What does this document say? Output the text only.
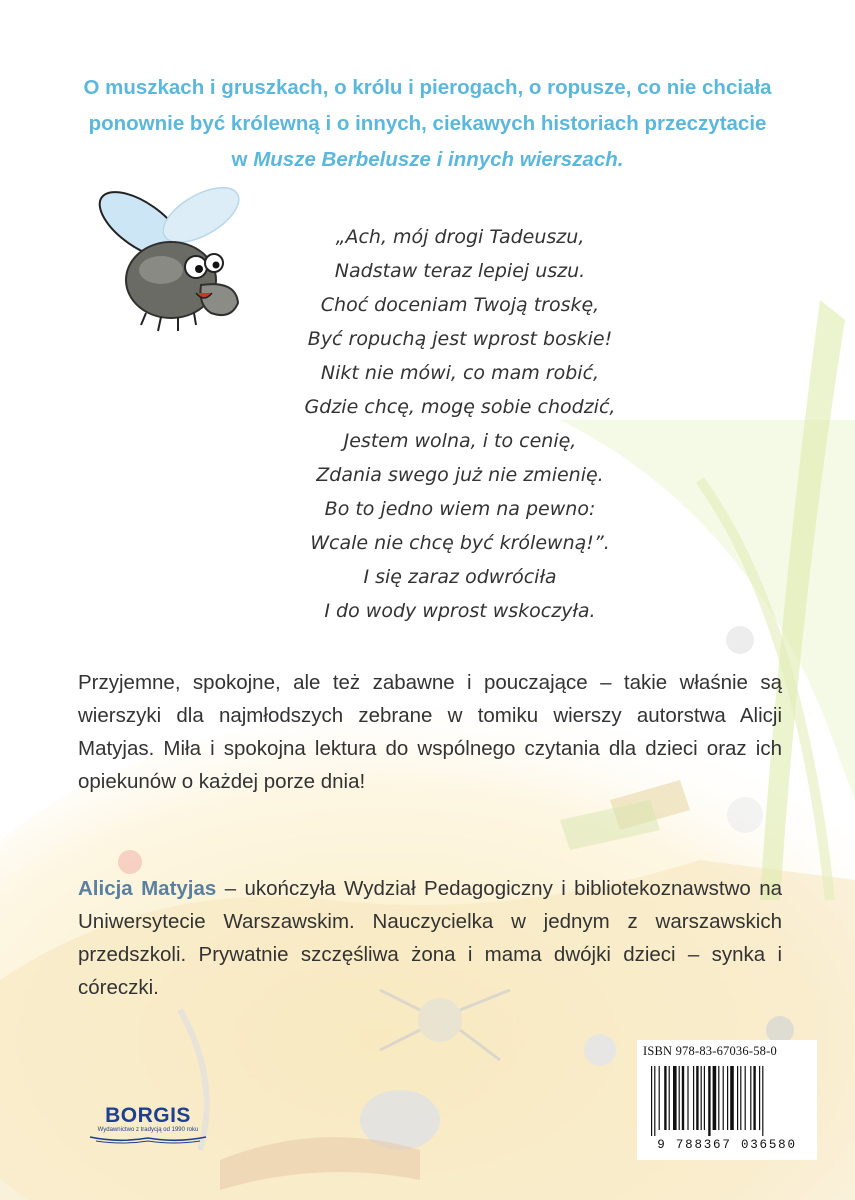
O muszkach i gruszkach, o królu i pierogach, o ropusze, co nie chciała
ponownie być królewną i o innych, ciekawych historiach przeczytacie
w Musze Berbelusze i innych wierszach.
„Ach, mój drogi Tadeuszu,
Nadstaw teraz lepiej uszu.
Choć doceniam Twoją troskę,
Być ropuchą jest wprost boskie!
Nikt nie mówi, co mam robić,
Gdzie chcę, mogę sobie chodzić,
Jestem wolna, i to cenię,
Zdania swego już nie zmienię.
Bo to jedno wiem na pewno:
Wcale nie chcę być królewną!”.
I się zaraz odwróciła
I do wody wprost wskoczyła.
Przyjemne, spokojne, ale też zabawne i pouczające – takie właśnie są wierszyki dla najmłodszych zebrane w tomiku wierszy autorstwa Alicji Matyjas. Miła i spokojna lektura do wspólnego czytania dla dzieci oraz ich opiekunów o każdej porze dnia!
Alicja Matyjas – ukończyła Wydział Pedagogiczny i bibliotekoznawstwo na Uniwersytecie Warszawskim. Nauczycielka w jednym z warszawskich przedszkoli. Prywatnie szczęśliwa żona i mama dwójki dzieci – synka i córeczki.
BORGIS
Wydawnictwo z tradycją od 1990 roku
ISBN 978-83-67036-58-0
9 788367 036580
